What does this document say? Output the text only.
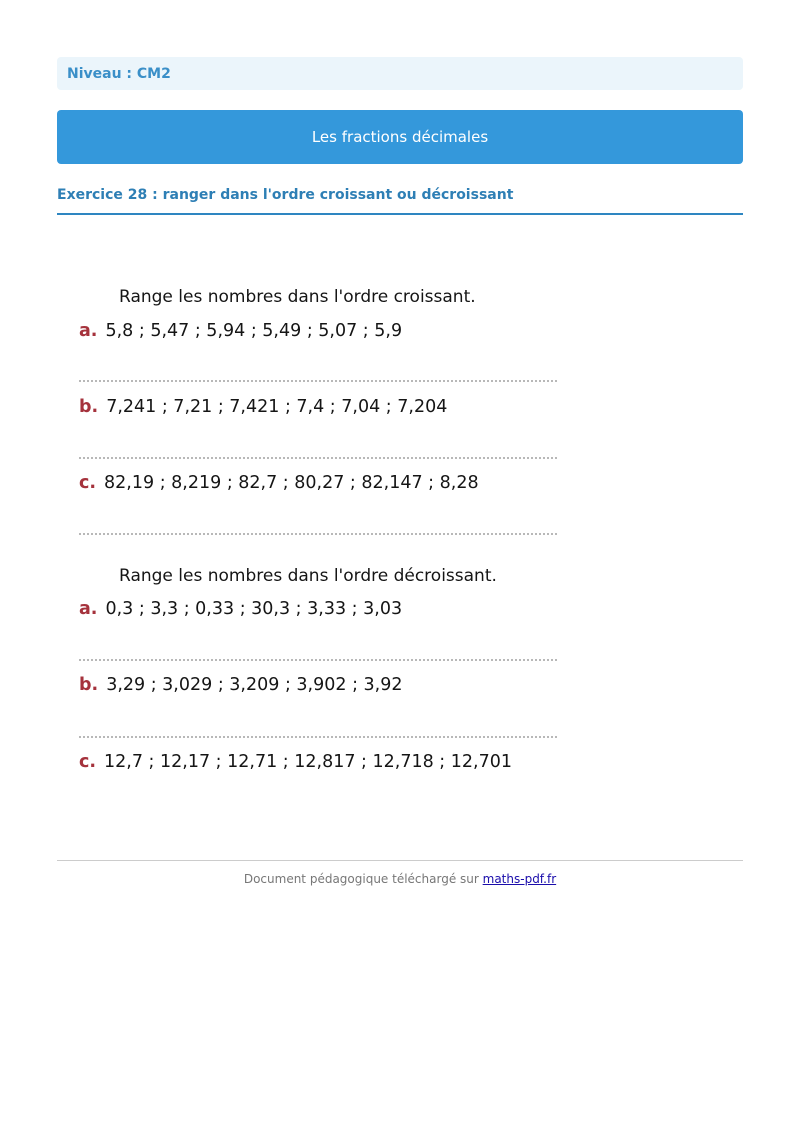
Niveau : CM2
Les fractions décimales
Exercice 28 : ranger dans l'ordre croissant ou décroissant
Range les nombres dans l'ordre croissant.
a. 5,8 ; 5,47 ; 5,94 ; 5,49 ; 5,07 ; 5,9
b. 7,241 ; 7,21 ; 7,421 ; 7,4 ; 7,04 ; 7,204
c. 82,19 ; 8,219 ; 82,7 ; 80,27 ; 82,147 ; 8,28
Range les nombres dans l'ordre décroissant.
a. 0,3 ; 3,3 ; 0,33 ; 30,3 ; 3,33 ; 3,03
b. 3,29 ; 3,029 ; 3,209 ; 3,902 ; 3,92
c. 12,7 ; 12,17 ; 12,71 ; 12,817 ; 12,718 ; 12,701
Document pédagogique téléchargé sur maths-pdf.fr
